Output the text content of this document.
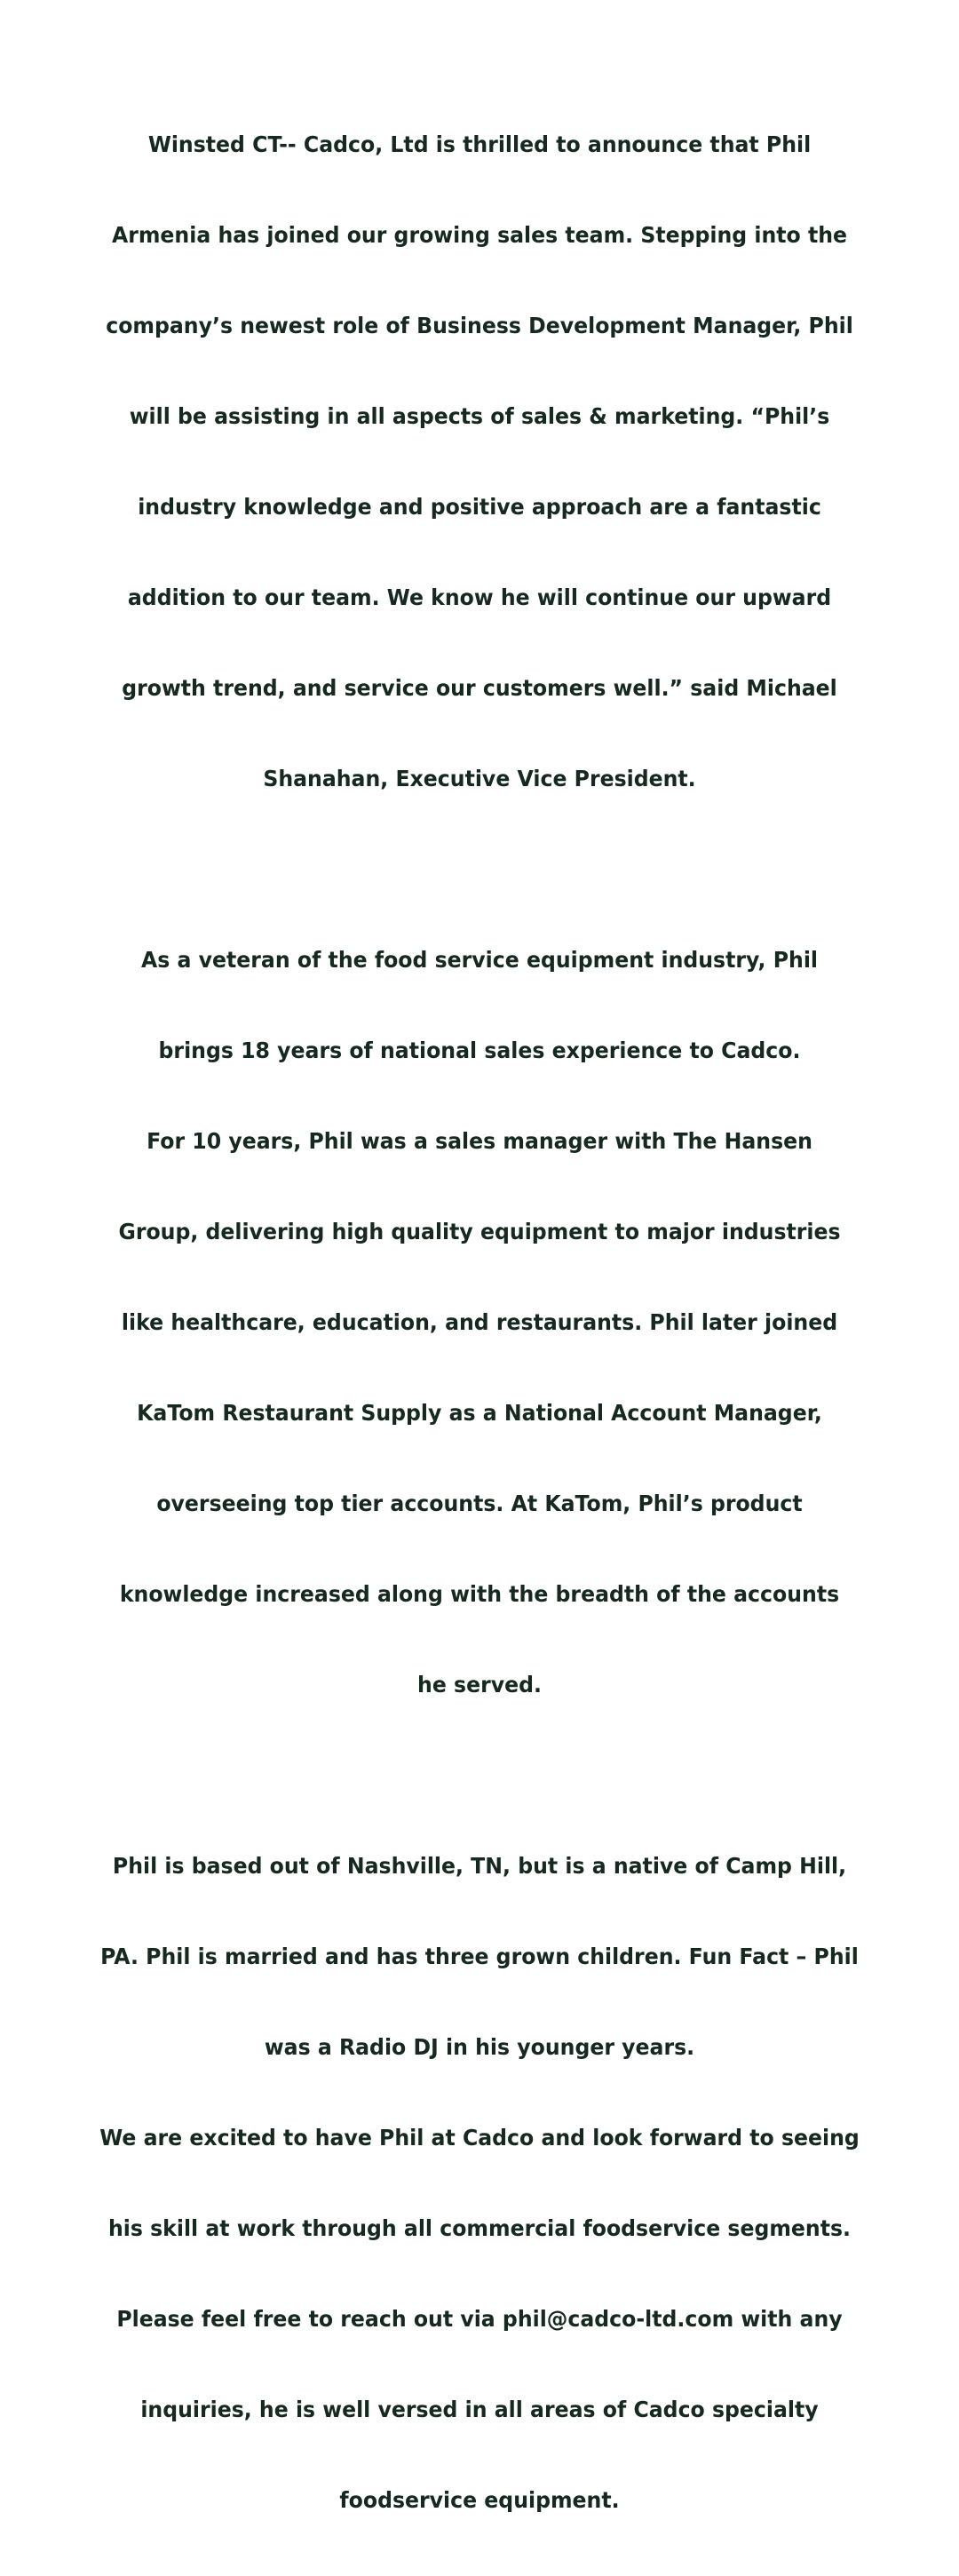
Winsted CT-- Cadco, Ltd is thrilled to announce that Phil

Armenia has joined our growing sales team. Stepping into the

company’s newest role of Business Development Manager, Phil

will be assisting in all aspects of sales & marketing. “Phil’s

industry knowledge and positive approach are a fantastic

addition to our team. We know he will continue our upward

growth trend, and service our customers well.” said Michael

Shanahan, Executive Vice President.

As a veteran of the food service equipment industry, Phil

brings 18 years of national sales experience to Cadco.

For 10 years, Phil was a sales manager with The Hansen

Group, delivering high quality equipment to major industries

like healthcare, education, and restaurants. Phil later joined

KaTom Restaurant Supply as a National Account Manager,

overseeing top tier accounts. At KaTom, Phil’s product

knowledge increased along with the breadth of the accounts

he served.

Phil is based out of Nashville, TN, but is a native of Camp Hill,

PA. Phil is married and has three grown children. Fun Fact – Phil

was a Radio DJ in his younger years.

We are excited to have Phil at Cadco and look forward to seeing

his skill at work through all commercial foodservice segments.

Please feel free to reach out via phil@cadco-ltd.com with any

inquiries, he is well versed in all areas of Cadco specialty

foodservice equipment.
